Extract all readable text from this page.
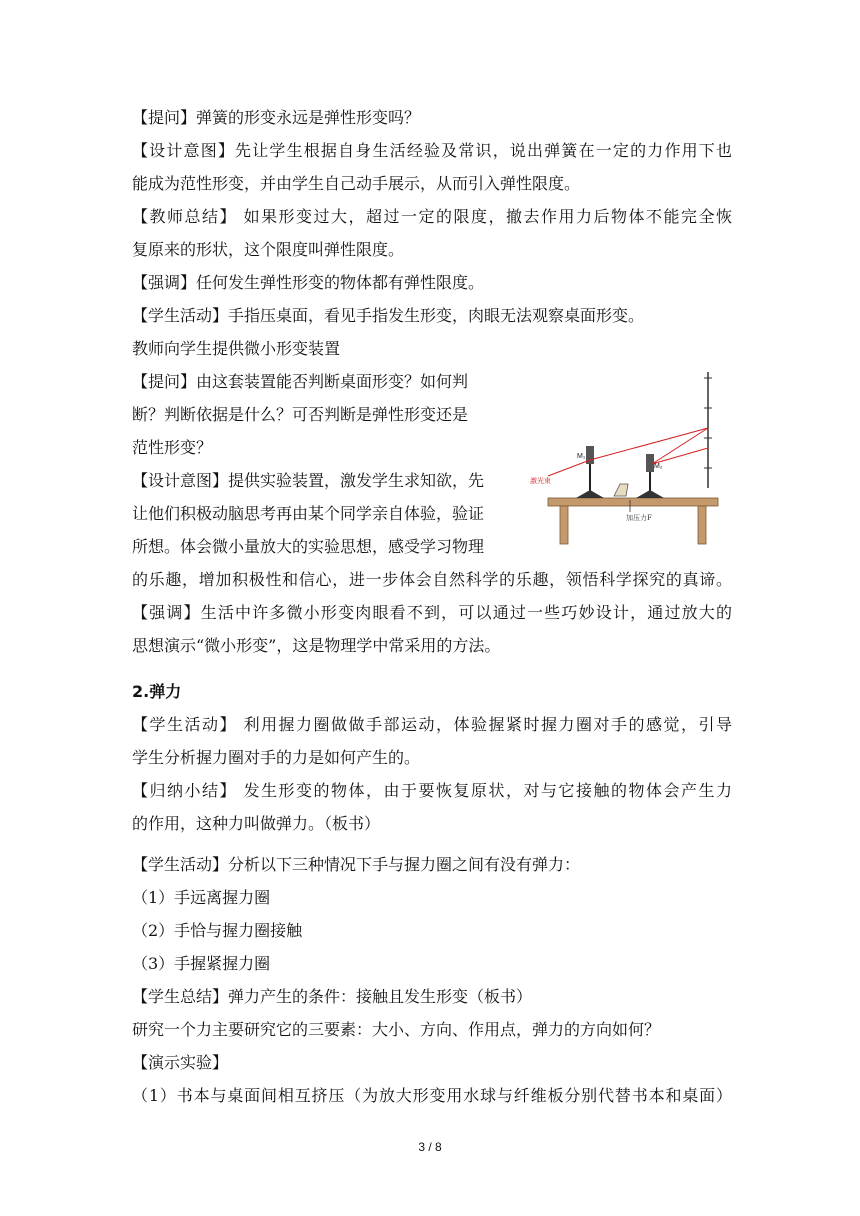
【提问】弹簧的形变永远是弹性形变吗？
【设计意图】先让学生根据自身生活经验及常识，说出弹簧在一定的力作用下也
能成为范性形变，并由学生自己动手展示，从而引入弹性限度。
【教师总结】 如果形变过大，超过一定的限度，撤去作用力后物体不能完全恢
复原来的形状，这个限度叫弹性限度。
【强调】任何发生弹性形变的物体都有弹性限度。
【学生活动】手指压桌面，看见手指发生形变，肉眼无法观察桌面形变。
教师向学生提供微小形变装置
【提问】由这套装置能否判断桌面形变？如何判
断？判断依据是什么？可否判断是弹性形变还是
范性形变？
【设计意图】提供实验装置，激发学生求知欲，先
让他们积极动脑思考再由某个同学亲自体验，验证
所想。体会微小量放大的实验思想，感受学习物理
的乐趣，增加积极性和信心，进一步体会自然科学的乐趣，领悟科学探究的真谛。
【强调】生活中许多微小形变肉眼看不到，可以通过一些巧妙设计，通过放大的
思想演示“微小形变”，这是物理学中常采用的方法。
2.弹力
【学生活动】 利用握力圈做做手部运动，体验握紧时握力圈对手的感觉，引导
学生分析握力圈对手的力是如何产生的。
【归纳小结】 发生形变的物体，由于要恢复原状，对与它接触的物体会产生力
的作用，这种力叫做弹力。（板书）
【学生活动】分析以下三种情况下手与握力圈之间有没有弹力：
（1）手远离握力圈
（2）手恰与握力圈接触
（3）手握紧握力圈
【学生总结】弹力产生的条件：接触且发生形变（板书）
研究一个力主要研究它的三要素：大小、方向、作用点，弹力的方向如何？
【演示实验】
（1）书本与桌面间相互挤压（为放大形变用水球与纤维板分别代替书本和桌面）
M₁
M₂
激光束
加压力F
3 / 8
